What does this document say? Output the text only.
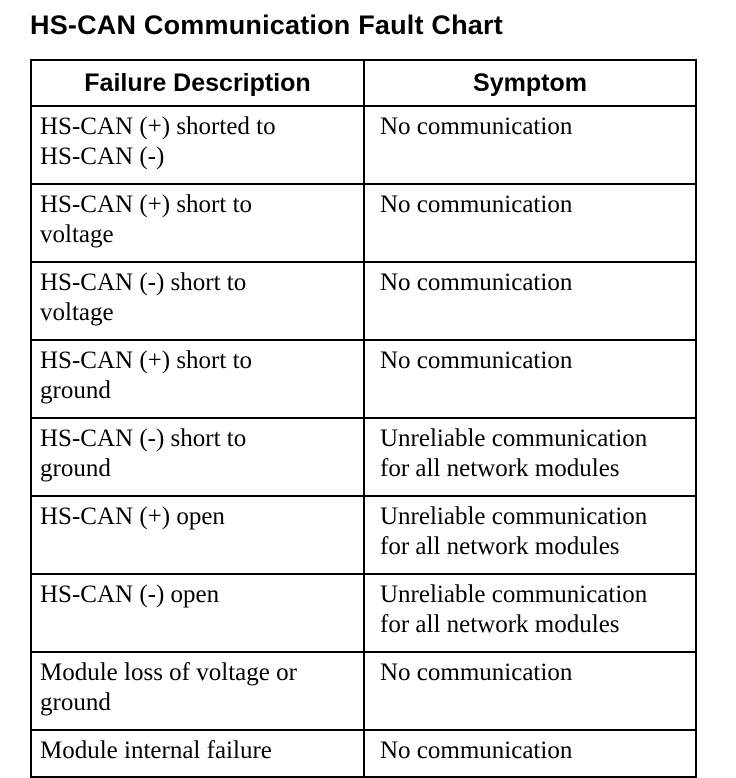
HS-CAN Communication Fault Chart
Failure Description	Symptom

HS-CAN (+) shorted to
HS-CAN (-)	No communication

HS-CAN (+) short to
voltage	No communication

HS-CAN (-) short to
voltage	No communication

HS-CAN (+) short to
ground	No communication

HS-CAN (-) short to
ground	Unreliable communication
for all network modules

HS-CAN (+) open	Unreliable communication
for all network modules

HS-CAN (-) open	Unreliable communication
for all network modules

Module loss of voltage or
ground	No communication

Module internal failure	No communication
